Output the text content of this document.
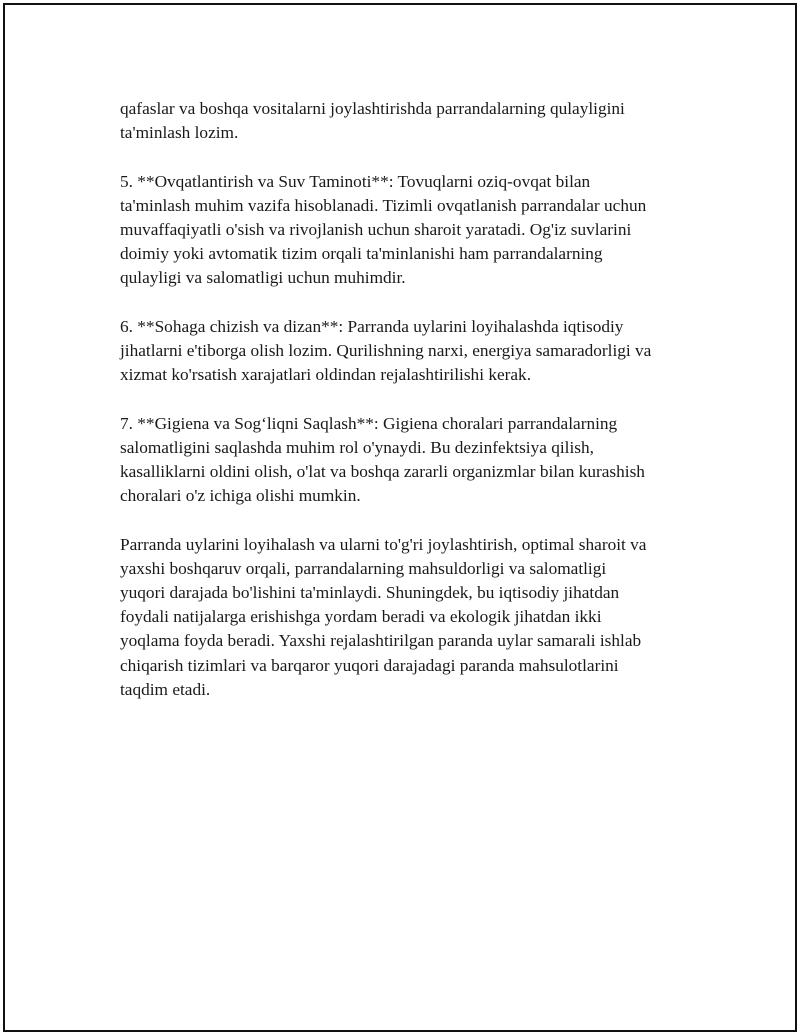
qafaslar va boshqa vositalarni joylashtirishda parrandalarning qulayligini
ta'minlash lozim.

5. **Ovqatlantirish va Suv Taminoti**: Tovuqlarni oziq-ovqat bilan
ta'minlash muhim vazifa hisoblanadi. Tizimli ovqatlanish parrandalar uchun
muvaffaqiyatli o'sish va rivojlanish uchun sharoit yaratadi. Og'iz suvlarini
doimiy yoki avtomatik tizim orqali ta'minlanishi ham parrandalarning
qulayligi va salomatligi uchun muhimdir.

6. **Sohaga chizish va dizan**: Parranda uylarini loyihalashda iqtisodiy
jihatlarni e'tiborga olish lozim. Qurilishning narxi, energiya samaradorligi va
xizmat ko'rsatish xarajatlari oldindan rejalashtirilishi kerak.

7. **Gigiena va Sog‘liqni Saqlash**: Gigiena choralari parrandalarning
salomatligini saqlashda muhim rol o'ynaydi. Bu dezinfektsiya qilish,
kasalliklarni oldini olish, o'lat va boshqa zararli organizmlar bilan kurashish
choralari o'z ichiga olishi mumkin.

Parranda uylarini loyihalash va ularni to'g'ri joylashtirish, optimal sharoit va
yaxshi boshqaruv orqali, parrandalarning mahsuldorligi va salomatligi
yuqori darajada bo'lishini ta'minlaydi. Shuningdek, bu iqtisodiy jihatdan
foydali natijalarga erishishga yordam beradi va ekologik jihatdan ikki
yoqlama foyda beradi. Yaxshi rejalashtirilgan paranda uylar samarali ishlab
chiqarish tizimlari va barqaror yuqori darajadagi paranda mahsulotlarini
taqdim etadi.
